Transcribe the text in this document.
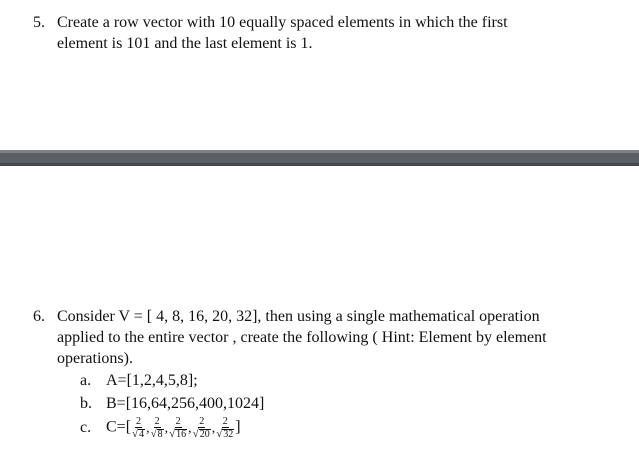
5. Create a row vector with 10 equally spaced elements in which the first
element is 101 and the last element is 1.
6. Consider V = [ 4, 8, 16, 20, 32], then using a single mathematical operation
applied to the entire vector , create the following ( Hint: Element by element
operations).
a. A=[1,2,4,5,8];
b. B=[16,64,256,400,1024]
c. $C=[ \frac{2}{√ 4}$ , $\frac{2}{√ 8}$ , $\frac{2}{√ 16}$ , $\frac{2}{√ 20}$ , $\frac{2}{√ 32}$ ]
